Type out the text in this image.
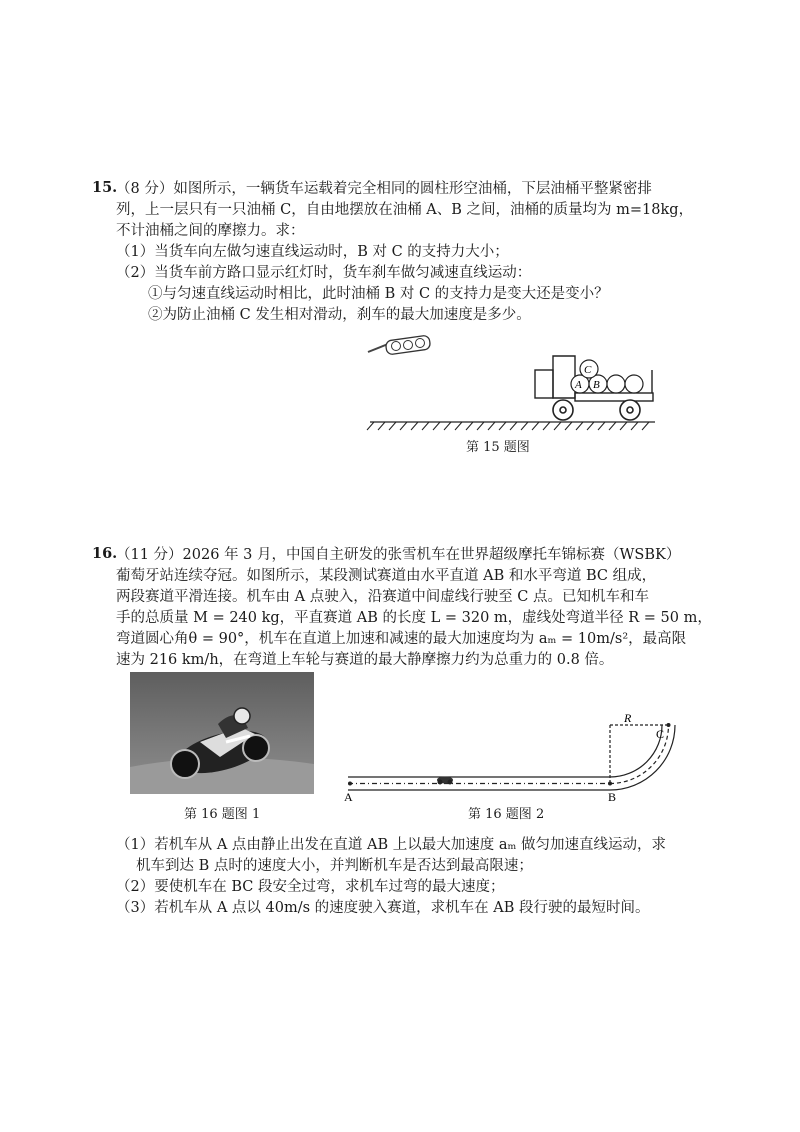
15.
（8 分）如图所示，一辆货车运载着完全相同的圆柱形空油桶，下层油桶平整紧密排
列，上一层只有一只油桶 C，自由地摆放在油桶 A、B 之间，油桶的质量均为 m=18kg，
不计油桶之间的摩擦力。求：
（1）当货车向左做匀速直线运动时，B 对 C 的支持力大小；
（2）当货车前方路口显示红灯时，货车刹车做匀减速直线运动：
①与匀速直线运动时相比，此时油桶 B 对 C 的支持力是变大还是变小？
②为防止油桶 C 发生相对滑动，刹车的最大加速度是多少。
A B
C
第 15 题图
16.
（11 分）2026 年 3 月，中国自主研发的张雪机车在世界超级摩托车锦标赛（WSBK）
葡萄牙站连续夺冠。如图所示，某段测试赛道由水平直道 AB 和水平弯道 BC 组成，
两段赛道平滑连接。机车由 A 点驶入，沿赛道中间虚线行驶至 C 点。已知机车和车
手的总质量 M = 240 kg，平直赛道 AB 的长度 L = 320 m，虚线处弯道半径 R = 50 m，
弯道圆心角θ = 90°，机车在直道上加速和减速的最大加速度均为 aₘ = 10m/s²，最高限
速为 216 km/h，在弯道上车轮与赛道的最大静摩擦力约为总重力的 0.8 倍。
第 16 题图 1
A	B
C
R
第 16 题图 2
（1）若机车从 A 点由静止出发在直道 AB 上以最大加速度 aₘ 做匀加速直线运动，求
机车到达 B 点时的速度大小，并判断机车是否达到最高限速；
（2）要使机车在 BC 段安全过弯，求机车过弯的最大速度；
（3）若机车从 A 点以 40m/s 的速度驶入赛道，求机车在 AB 段行驶的最短时间。
